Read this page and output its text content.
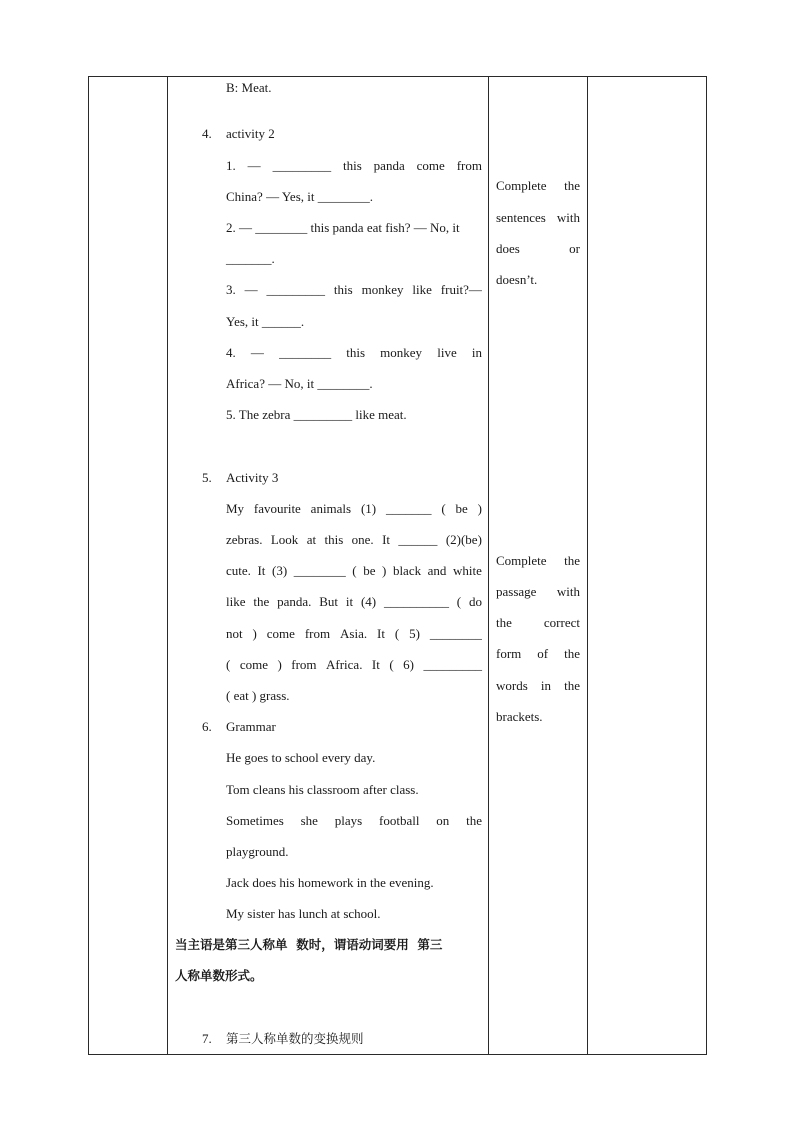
B: Meat.
4. activity 2
1. — _________ this panda come from
China? — Yes, it ________.
2. — ________ this panda eat fish? — No, it
_______.
3. — _________ this monkey like fruit?—
Yes, it ______.
4. — ________ this monkey live in
Africa? — No, it ________.
5. The zebra _________ like meat.
Complete the
sentences with
does	or
doesn’t.
5. Activity 3
My favourite animals (1) _______ ( be )
zebras. Look at this one. It ______ (2)(be)
cute. It (3) ________ ( be ) black and white
like the panda. But it (4) __________ ( do
not ) come from Asia. It ( 5) ________
( come ) from Africa. It ( 6) _________
( eat ) grass.
Complete the
passage with
the correct
form of the
words in the
brackets.
6. Grammar
He goes to school every day.
Tom cleans his classroom after class.
Sometimes she plays football on the
playground.
Jack does his homework in the evening.
My sister has lunch at school.
当主语是第三人称单  数时，谓语动词要用  第三
人称单数形式。
7. 第三人称单数的变换规则
